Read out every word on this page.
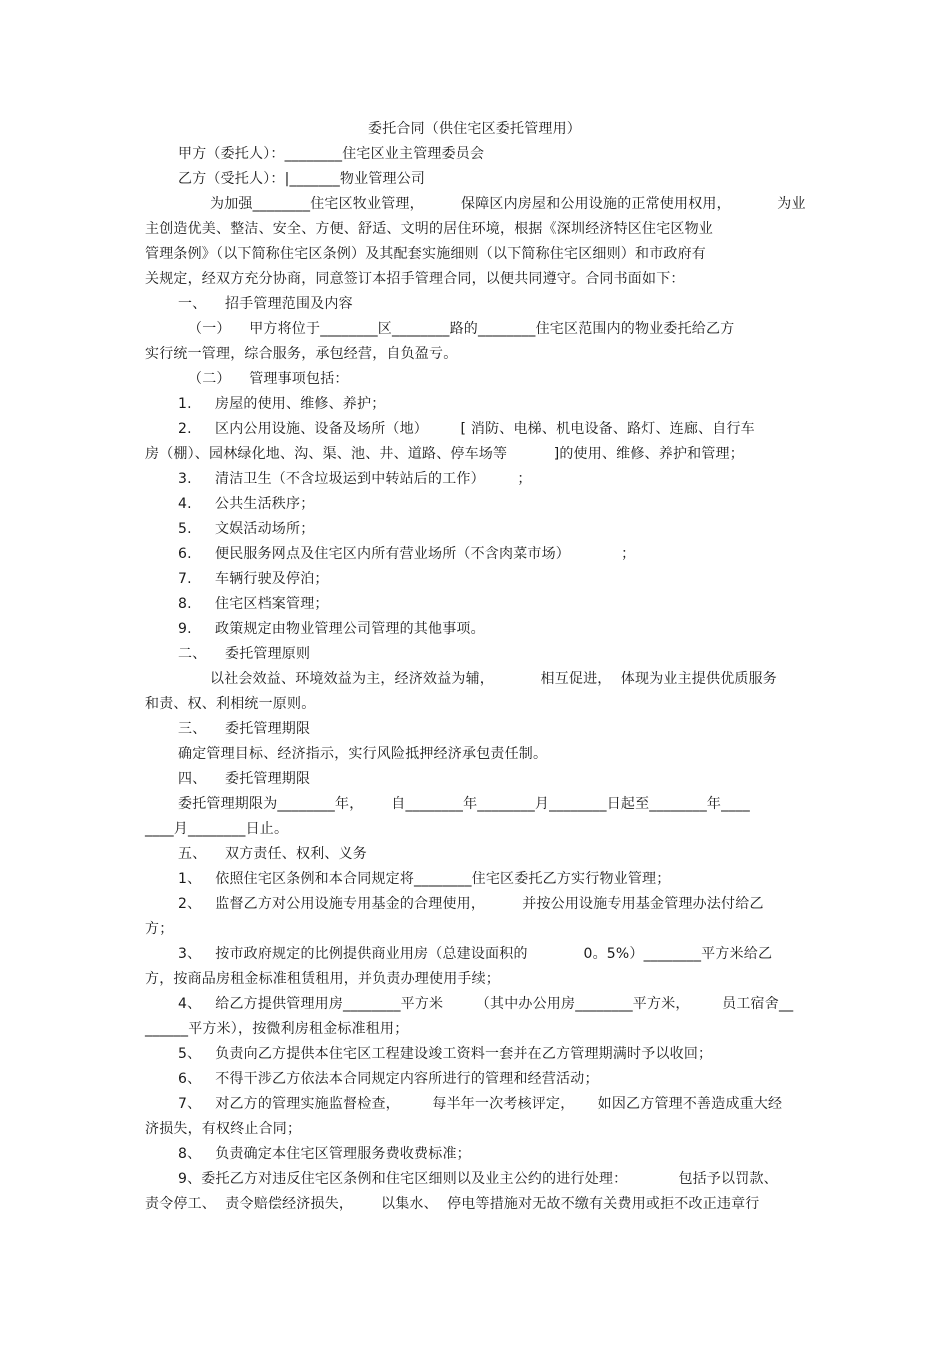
委托合同（供住宅区委托管理用）
甲方（委托人）：________住宅区业主管理委员会
乙方（受托人）：|_______物业管理公司
为加强________住宅区牧业管理，        保障区内房屋和公用设施的正常使用权用，          为业
主创造优美、整洁、安全、方便、舒适、文明的居住环境，根据《深圳经济特区住宅区物业
管理条例》（以下简称住宅区条例）及其配套实施细则（以下简称住宅区细则）和市政府有
关规定，经双方充分协商，同意签订本招手管理合同，以便共同遵守。合同书面如下：
一、    招手管理范围及内容
（一）    甲方将位于________区________路的________住宅区范围内的物业委托给乙方
实行统一管理，综合服务，承包经营，自负盈亏。
（二）    管理事项包括：
1.     房屋的使用、维修、养护；
2.     区内公用设施、设备及场所（地）       [ 消防、电梯、机电设备、路灯、连廊、自行车
房（棚）、园林绿化地、沟、渠、池、井、道路、停车场等          ]的使用、维修、养护和管理；
3.     清洁卫生（不含垃圾运到中转站后的工作）       ；
4.     公共生活秩序；
5.     文娱活动场所；
6.     便民服务网点及住宅区内所有营业场所（不含肉菜市场）           ；
7.     车辆行驶及停泊；
8.     住宅区档案管理；
9.     政策规定由物业管理公司管理的其他事项。
二、    委托管理原则
以社会效益、环境效益为主，经济效益为辅，          相互促进，  体现为业主提供优质服务
和责、权、利相统一原则。
三、    委托管理期限
确定管理目标、经济指示，实行风险抵押经济承包责任制。
四、    委托管理期限
委托管理期限为________年，      自________年________月________日起至________年____
____月________日止。
五、    双方责任、权利、义务
1、   依照住宅区条例和本合同规定将________住宅区委托乙方实行物业管理；
2、   监督乙方对公用设施专用基金的合理使用，        并按公用设施专用基金管理办法付给乙
方；
3、   按市政府规定的比例提供商业用房（总建设面积的            0。5%）________平方米给乙
方，按商品房租金标准租赁租用，并负责办理使用手续；
4、   给乙方提供管理用房________平方米       （其中办公用房________平方米，       员工宿舍__
______平方米），按微利房租金标准租用；
5、   负责向乙方提供本住宅区工程建设竣工资料一套并在乙方管理期满时予以收回；
6、   不得干涉乙方依法本合同规定内容所进行的管理和经营活动；
7、   对乙方的管理实施监督检查，       每半年一次考核评定，     如因乙方管理不善造成重大经
济损失，有权终止合同；
8、   负责确定本住宅区管理服务费收费标准；
9、委托乙方对违反住宅区条例和住宅区细则以及业主公约的进行处理：           包括予以罚款、
责令停工、  责令赔偿经济损失，      以集水、  停电等措施对无故不缴有关费用或拒不改正违章行
